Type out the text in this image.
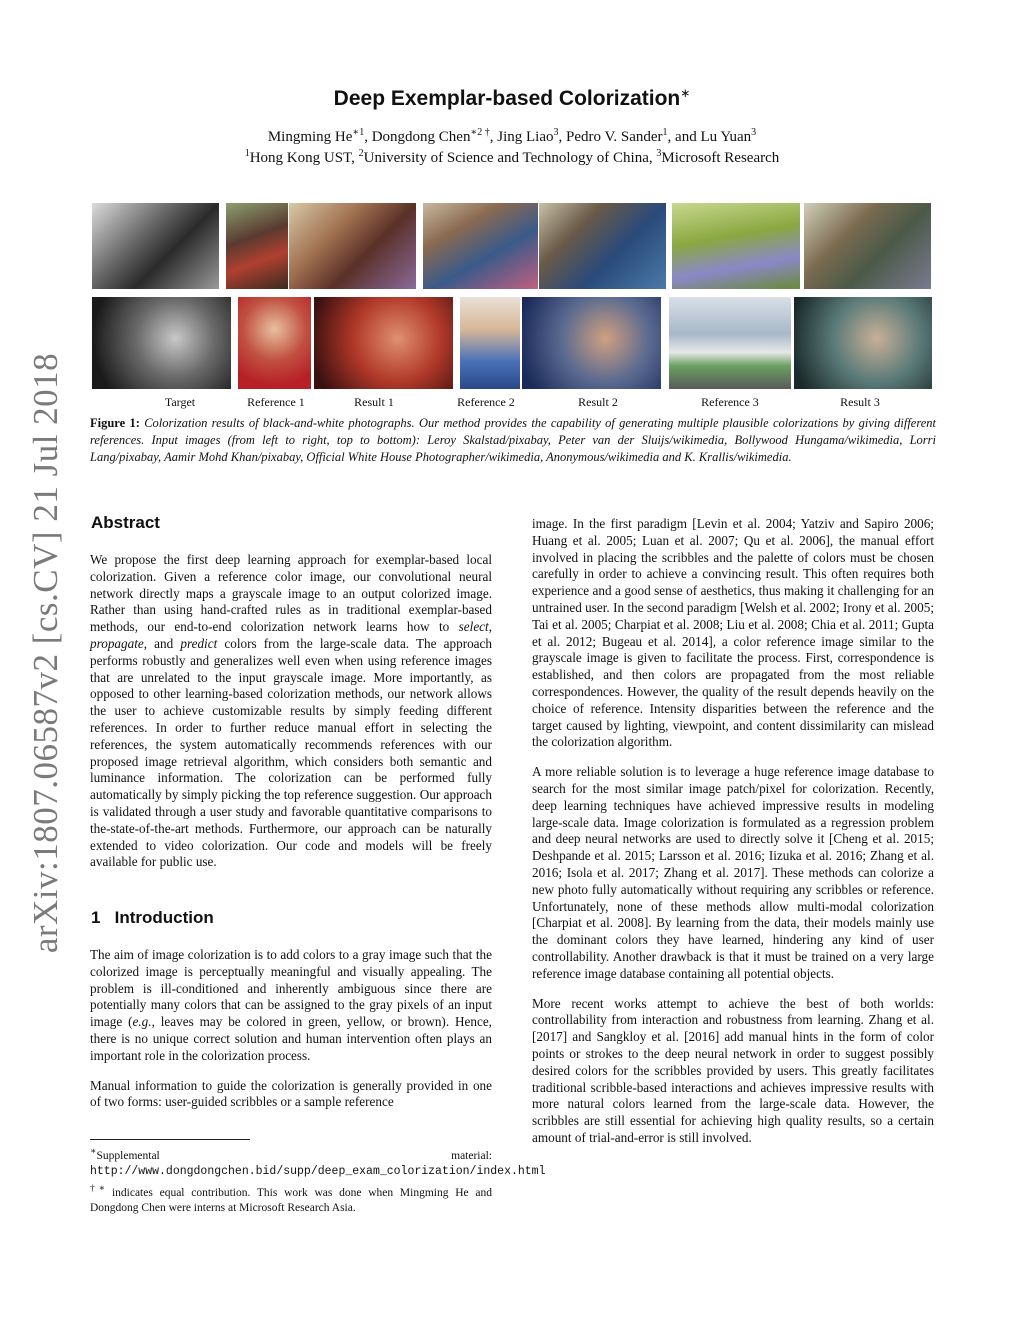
arXiv:1807.06587v2 [cs.CV] 21 Jul 2018
Deep Exemplar-based Colorization∗
Mingming $He^{∗1}$, Dongdong Chen$^{∗2 \dagger}$, Jing Liao$^3$, Pedro V. Sander$^1$, and Lu Yuan$^3$
$^1$Hong Kong UST, $^2$University of Science and Technology of China, $^3$Microsoft Research
Target	Reference 1	Result 1	Reference 2	Result 2	Reference 3	Result 3
Figure 1: Colorization results of black-and-white photographs. Our method provides the capability of generating multiple plausible colorizations by giving different references. Input images (from left to right, top to bottom): Leroy Skalstad/pixabay, Peter van der Sluijs/wikimedia, Bollywood Hungama/wikimedia, Lorri Lang/pixabay, Aamir Mohd Khan/pixabay, Official White House Photographer/wikimedia, Anonymous/wikimedia and K. Krallis/wikimedia.
Abstract

We propose the first deep learning approach for exemplar-based local colorization. Given a reference color image, our convolutional neural network directly maps a grayscale image to an output colorized image. Rather than using hand-crafted rules as in traditional exemplar-based methods, our end-to-end colorization network learns how to select, propagate, and predict colors from the large-scale data. The approach performs robustly and generalizes well even when using reference images that are unrelated to the input grayscale image. More importantly, as opposed to other learning-based colorization methods, our network allows the user to achieve customizable results by simply feeding different references. In order to further reduce manual effort in selecting the references, the system automatically recommends references with our proposed image retrieval algorithm, which considers both semantic and luminance information. The colorization can be performed fully automatically by simply picking the top reference suggestion. Our approach is validated through a user study and favorable quantitative comparisons to the-state-of-the-art methods. Furthermore, our approach can be naturally extended to video colorization. Our code and models will be freely available for public use.

1 Introduction

The aim of image colorization is to add colors to a gray image such that the colorized image is perceptually meaningful and visually appealing. The problem is ill-conditioned and inherently ambiguous since there are potentially many colors that can be assigned to the gray pixels of an input image (e.g., leaves may be colored in green, yellow, or brown). Hence, there is no unique correct solution and human intervention often plays an important role in the colorization process.

Manual information to guide the colorization is generally provided in one of two forms: user-guided scribbles or a sample reference

∗Supplemental material: http://www.dongdongchen.bid/supp/deep_exam_colorization/index.html
†∗ indicates equal contribution. This work was done when Mingming He and Dongdong Chen were interns at Microsoft Research Asia.

image. In the first paradigm [Levin et al. 2004; Yatziv and Sapiro 2006; Huang et al. 2005; Luan et al. 2007; Qu et al. 2006], the manual effort involved in placing the scribbles and the palette of colors must be chosen carefully in order to achieve a convincing result. This often requires both experience and a good sense of aesthetics, thus making it challenging for an untrained user. In the second paradigm [Welsh et al. 2002; Irony et al. 2005; Tai et al. 2005; Charpiat et al. 2008; Liu et al. 2008; Chia et al. 2011; Gupta et al. 2012; Bugeau et al. 2014], a color reference image similar to the grayscale image is given to facilitate the process. First, correspondence is established, and then colors are propagated from the most reliable correspondences. However, the quality of the result depends heavily on the choice of reference. Intensity disparities between the reference and the target caused by lighting, viewpoint, and content dissimilarity can mislead the colorization algorithm.

A more reliable solution is to leverage a huge reference image database to search for the most similar image patch/pixel for colorization. Recently, deep learning techniques have achieved impressive results in modeling large-scale data. Image colorization is formulated as a regression problem and deep neural networks are used to directly solve it [Cheng et al. 2015; Deshpande et al. 2015; Larsson et al. 2016; Iizuka et al. 2016; Zhang et al. 2016; Isola et al. 2017; Zhang et al. 2017]. These methods can colorize a new photo fully automatically without requiring any scribbles or reference. Unfortunately, none of these methods allow multi-modal colorization [Charpiat et al. 2008]. By learning from the data, their models mainly use the dominant colors they have learned, hindering any kind of user controllability. Another drawback is that it must be trained on a very large reference image database containing all potential objects.

More recent works attempt to achieve the best of both worlds: controllability from interaction and robustness from learning. Zhang et al. [2017] and Sangkloy et al. [2016] add manual hints in the form of color points or strokes to the deep neural network in order to suggest possibly desired colors for the scribbles provided by users. This greatly facilitates traditional scribble-based interactions and achieves impressive results with more natural colors learned from the large-scale data. However, the scribbles are still essential for achieving high quality results, so a certain amount of trial-and-error is still involved.
